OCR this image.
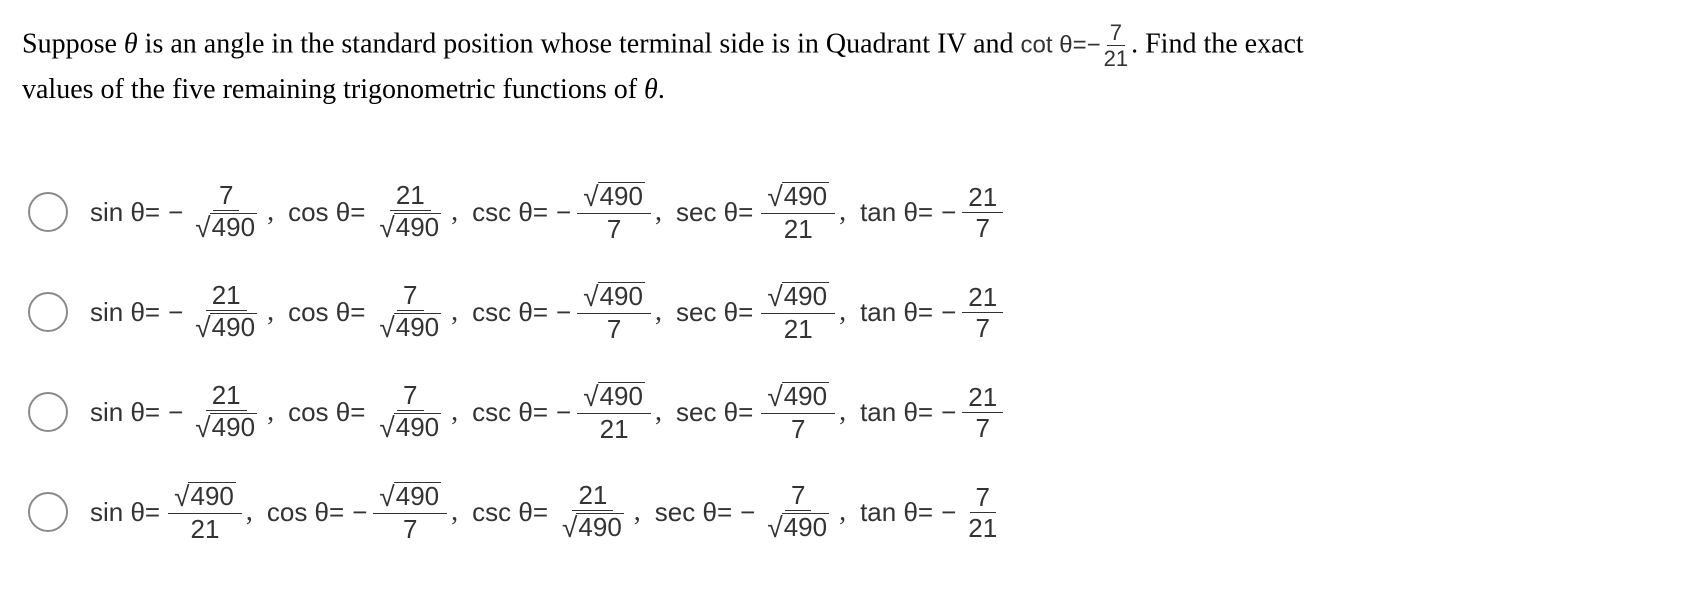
Suppose θ is an angle in the standard position whose terminal side is in Quadrant IV and $\cot \theta=- \frac{7}{21}$ . Find the exact
values of the five remaining trigonometric functions of θ.
$\sin \theta= - \frac{7}{√ 490}$ , $\cos \theta= \frac{21}{√ 490}$ , $\csc \theta= - \frac{√ 490}{7}$ , $\sec \theta= \frac{√ 490}{21}$ , $\tan \theta= - \frac{21}{7}$
$\sin \theta= - \frac{21}{√ 490}$ , $\cos \theta= \frac{7}{√ 490}$ , $\csc \theta= - \frac{√ 490}{7}$ , $\sec \theta= \frac{√ 490}{21}$ , $\tan \theta= - \frac{21}{7}$
$\sin \theta= - \frac{21}{√ 490}$ , $\cos \theta= \frac{7}{√ 490}$ , $\csc \theta= - \frac{√ 490}{21}$ , $\sec \theta= \frac{√ 490}{7}$ , $\tan \theta= - \frac{21}{7}$
$\sin \theta= \frac{√ 490}{21}$ , $\cos \theta= - \frac{√ 490}{7}$ , $\csc \theta= \frac{21}{√ 490}$ , $\sec \theta= - \frac{7}{√ 490}$ , $\tan \theta= - \frac{7}{21}$
